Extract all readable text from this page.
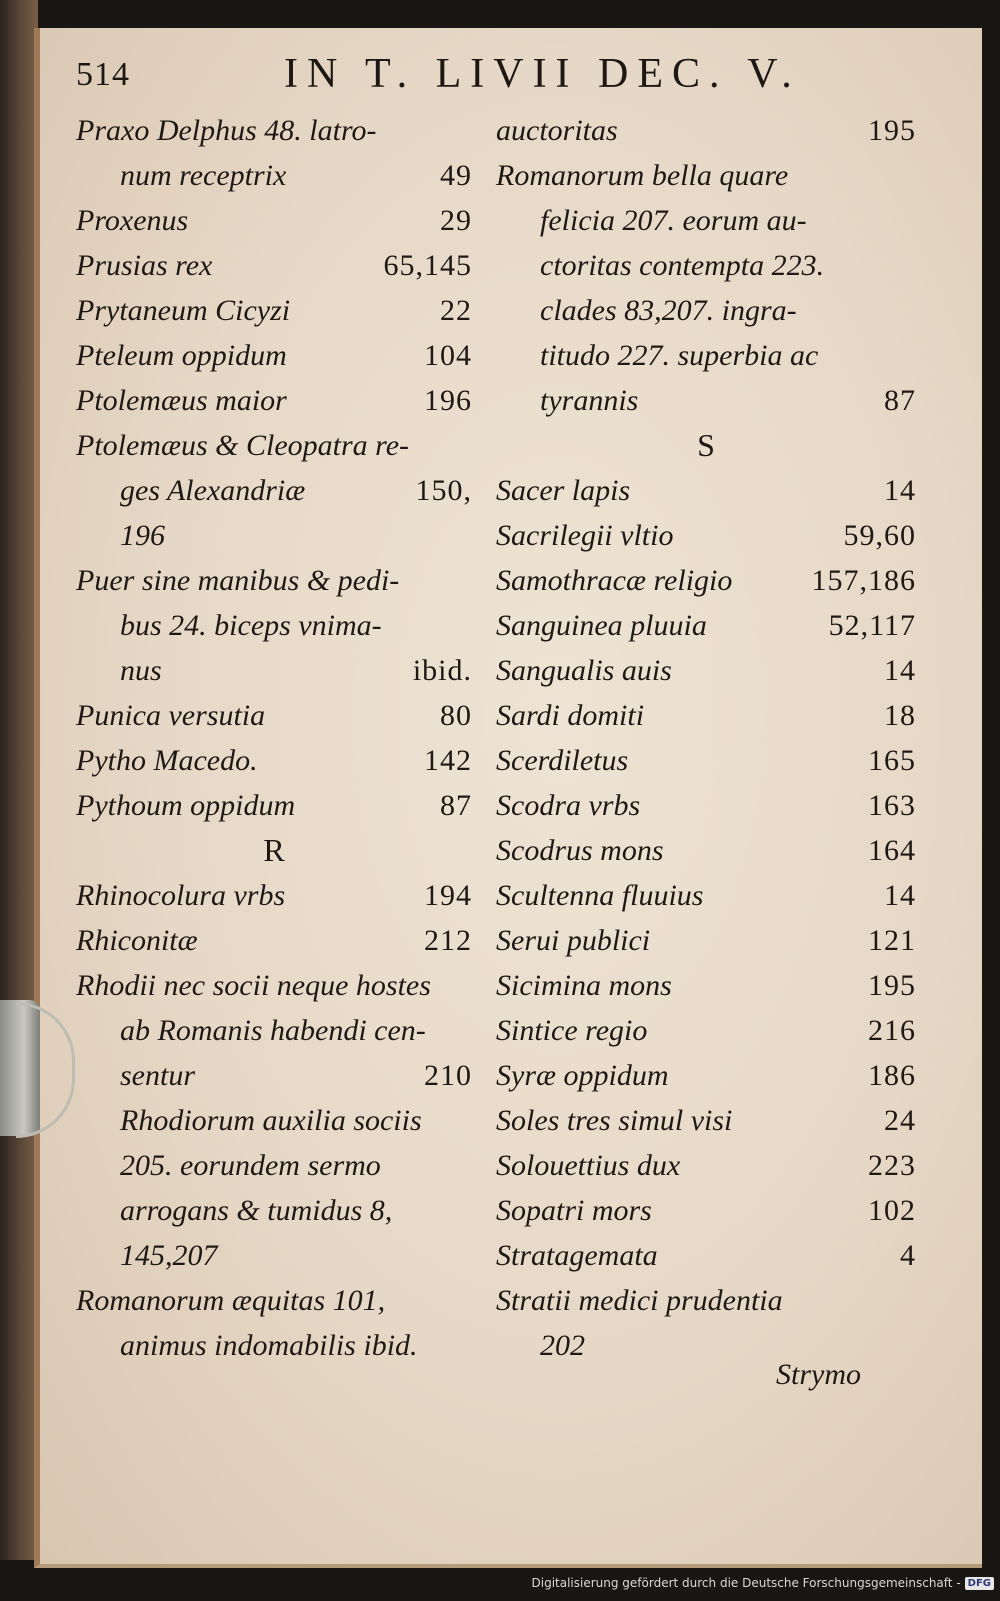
514	IN T. LIVII DEC. V.
Praxo Delphus 48. latro-
num receptrix	49
Proxenus	29
Prusias rex	65,145
Prytaneum Cicyzi	22
Pteleum oppidum	104
Ptolemæus maior	196
Ptolemæus & Cleopatra re-
ges Alexandriæ	150,
196
Puer sine manibus & pedi-
bus 24. biceps vnima-
nus	ibid.
Punica versutia	80
Pytho Macedo.	142
Pythoum oppidum	87
R
Rhinocolura vrbs	194
Rhiconitæ	212
Rhodii nec socii neque hostes
ab Romanis habendi cen-
sentur	210
Rhodiorum auxilia sociis
205. eorundem sermo
arrogans & tumidus 8,
145,207
Romanorum æquitas 101,
animus indomabilis ibid.
auctoritas	195
Romanorum bella quare
felicia 207. eorum au-
ctoritas contempta 223.
clades 83,207. ingra-
titudo 227. superbia ac
tyrannis	87
S
Sacer lapis	14
Sacrilegii vltio	59,60
Samothracæ religio	157,186
Sanguinea pluuia	52,117
Sangualis auis	14
Sardi domiti	18
Scerdiletus	165
Scodra vrbs	163
Scodrus mons	164
Scultenna fluuius	14
Serui publici	121
Sicimina mons	195
Sintice regio	216
Syræ oppidum	186
Soles tres simul visi	24
Solouettius dux	223
Sopatri mors	102
Stratagemata	4
Stratii medici prudentia
202
Strymo
Digitalisierung gefördert durch die Deutsche Forschungsgemeinschaft - DFG
